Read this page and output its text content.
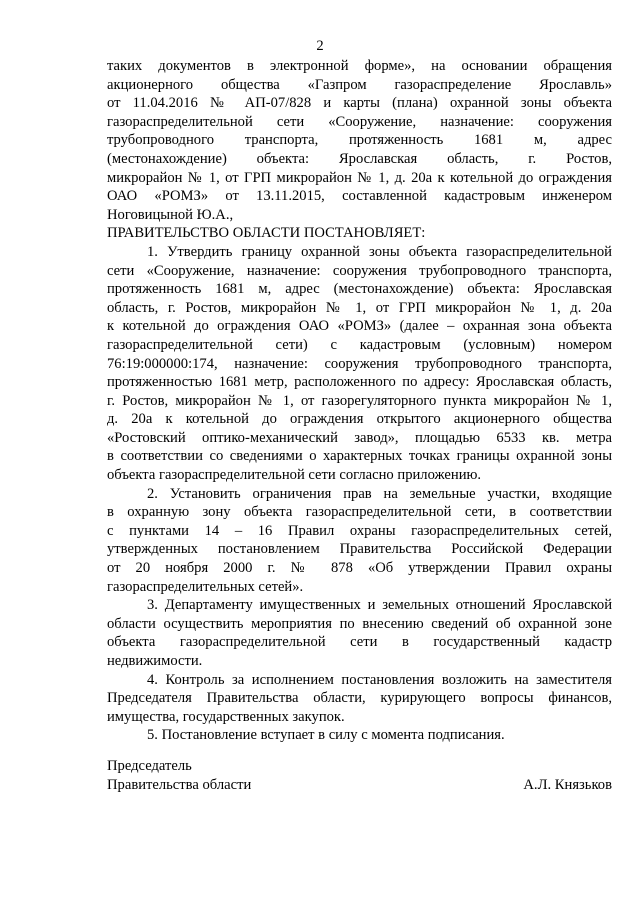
2
таких документов в электронной форме», на основании обращения
акционерного общества «Газпром газораспределение Ярославль»
от 11.04.2016 № АП-07/828 и карты (плана) охранной зоны объекта
газораспределительной сети «Сооружение, назначение: сооружения
трубопроводного транспорта, протяженность 1681 м, адрес
(местонахождение) объекта: Ярославская область, г. Ростов,
микрорайон № 1, от ГРП микрорайон № 1, д. 20а к котельной до ограждения
ОАО «РОМЗ» от 13.11.2015, составленной кадастровым инженером
Ноговицыной Ю.А.,
ПРАВИТЕЛЬСТВО ОБЛАСТИ ПОСТАНОВЛЯЕТ:
1. Утвердить границу охранной зоны объекта газораспределительной
сети «Сооружение, назначение: сооружения трубопроводного транспорта,
протяженность 1681 м, адрес (местонахождение) объекта: Ярославская
область, г. Ростов, микрорайон № 1, от ГРП микрорайон № 1, д. 20а
к котельной до ограждения ОАО «РОМЗ» (далее – охранная зона объекта
газораспределительной сети) с кадастровым (условным) номером
76:19:000000:174, назначение: сооружения трубопроводного транспорта,
протяженностью 1681 метр, расположенного по адресу: Ярославская область,
г. Ростов, микрорайон № 1, от газорегуляторного пункта микрорайон № 1,
д. 20а к котельной до ограждения открытого акционерного общества
«Ростовский оптико-механический завод», площадью 6533 кв. метра
в соответствии со сведениями о характерных точках границы охранной зоны
объекта газораспределительной сети согласно приложению.
2. Установить ограничения прав на земельные участки, входящие
в охранную зону объекта газораспределительной сети, в соответствии
с пунктами 14 – 16 Правил охраны газораспределительных сетей,
утвержденных постановлением Правительства Российской Федерации
от 20 ноября 2000 г. № 878 «Об утверждении Правил охраны
газораспределительных сетей».
3. Департаменту имущественных и земельных отношений Ярославской
области осуществить мероприятия по внесению сведений об охранной зоне
объекта газораспределительной сети в государственный кадастр
недвижимости.
4. Контроль за исполнением постановления возложить на заместителя
Председателя Правительства области, курирующего вопросы финансов,
имущества, государственных закупок.
5. Постановление вступает в силу с момента подписания.
Председатель
Правительства области	А.Л. Князьков
